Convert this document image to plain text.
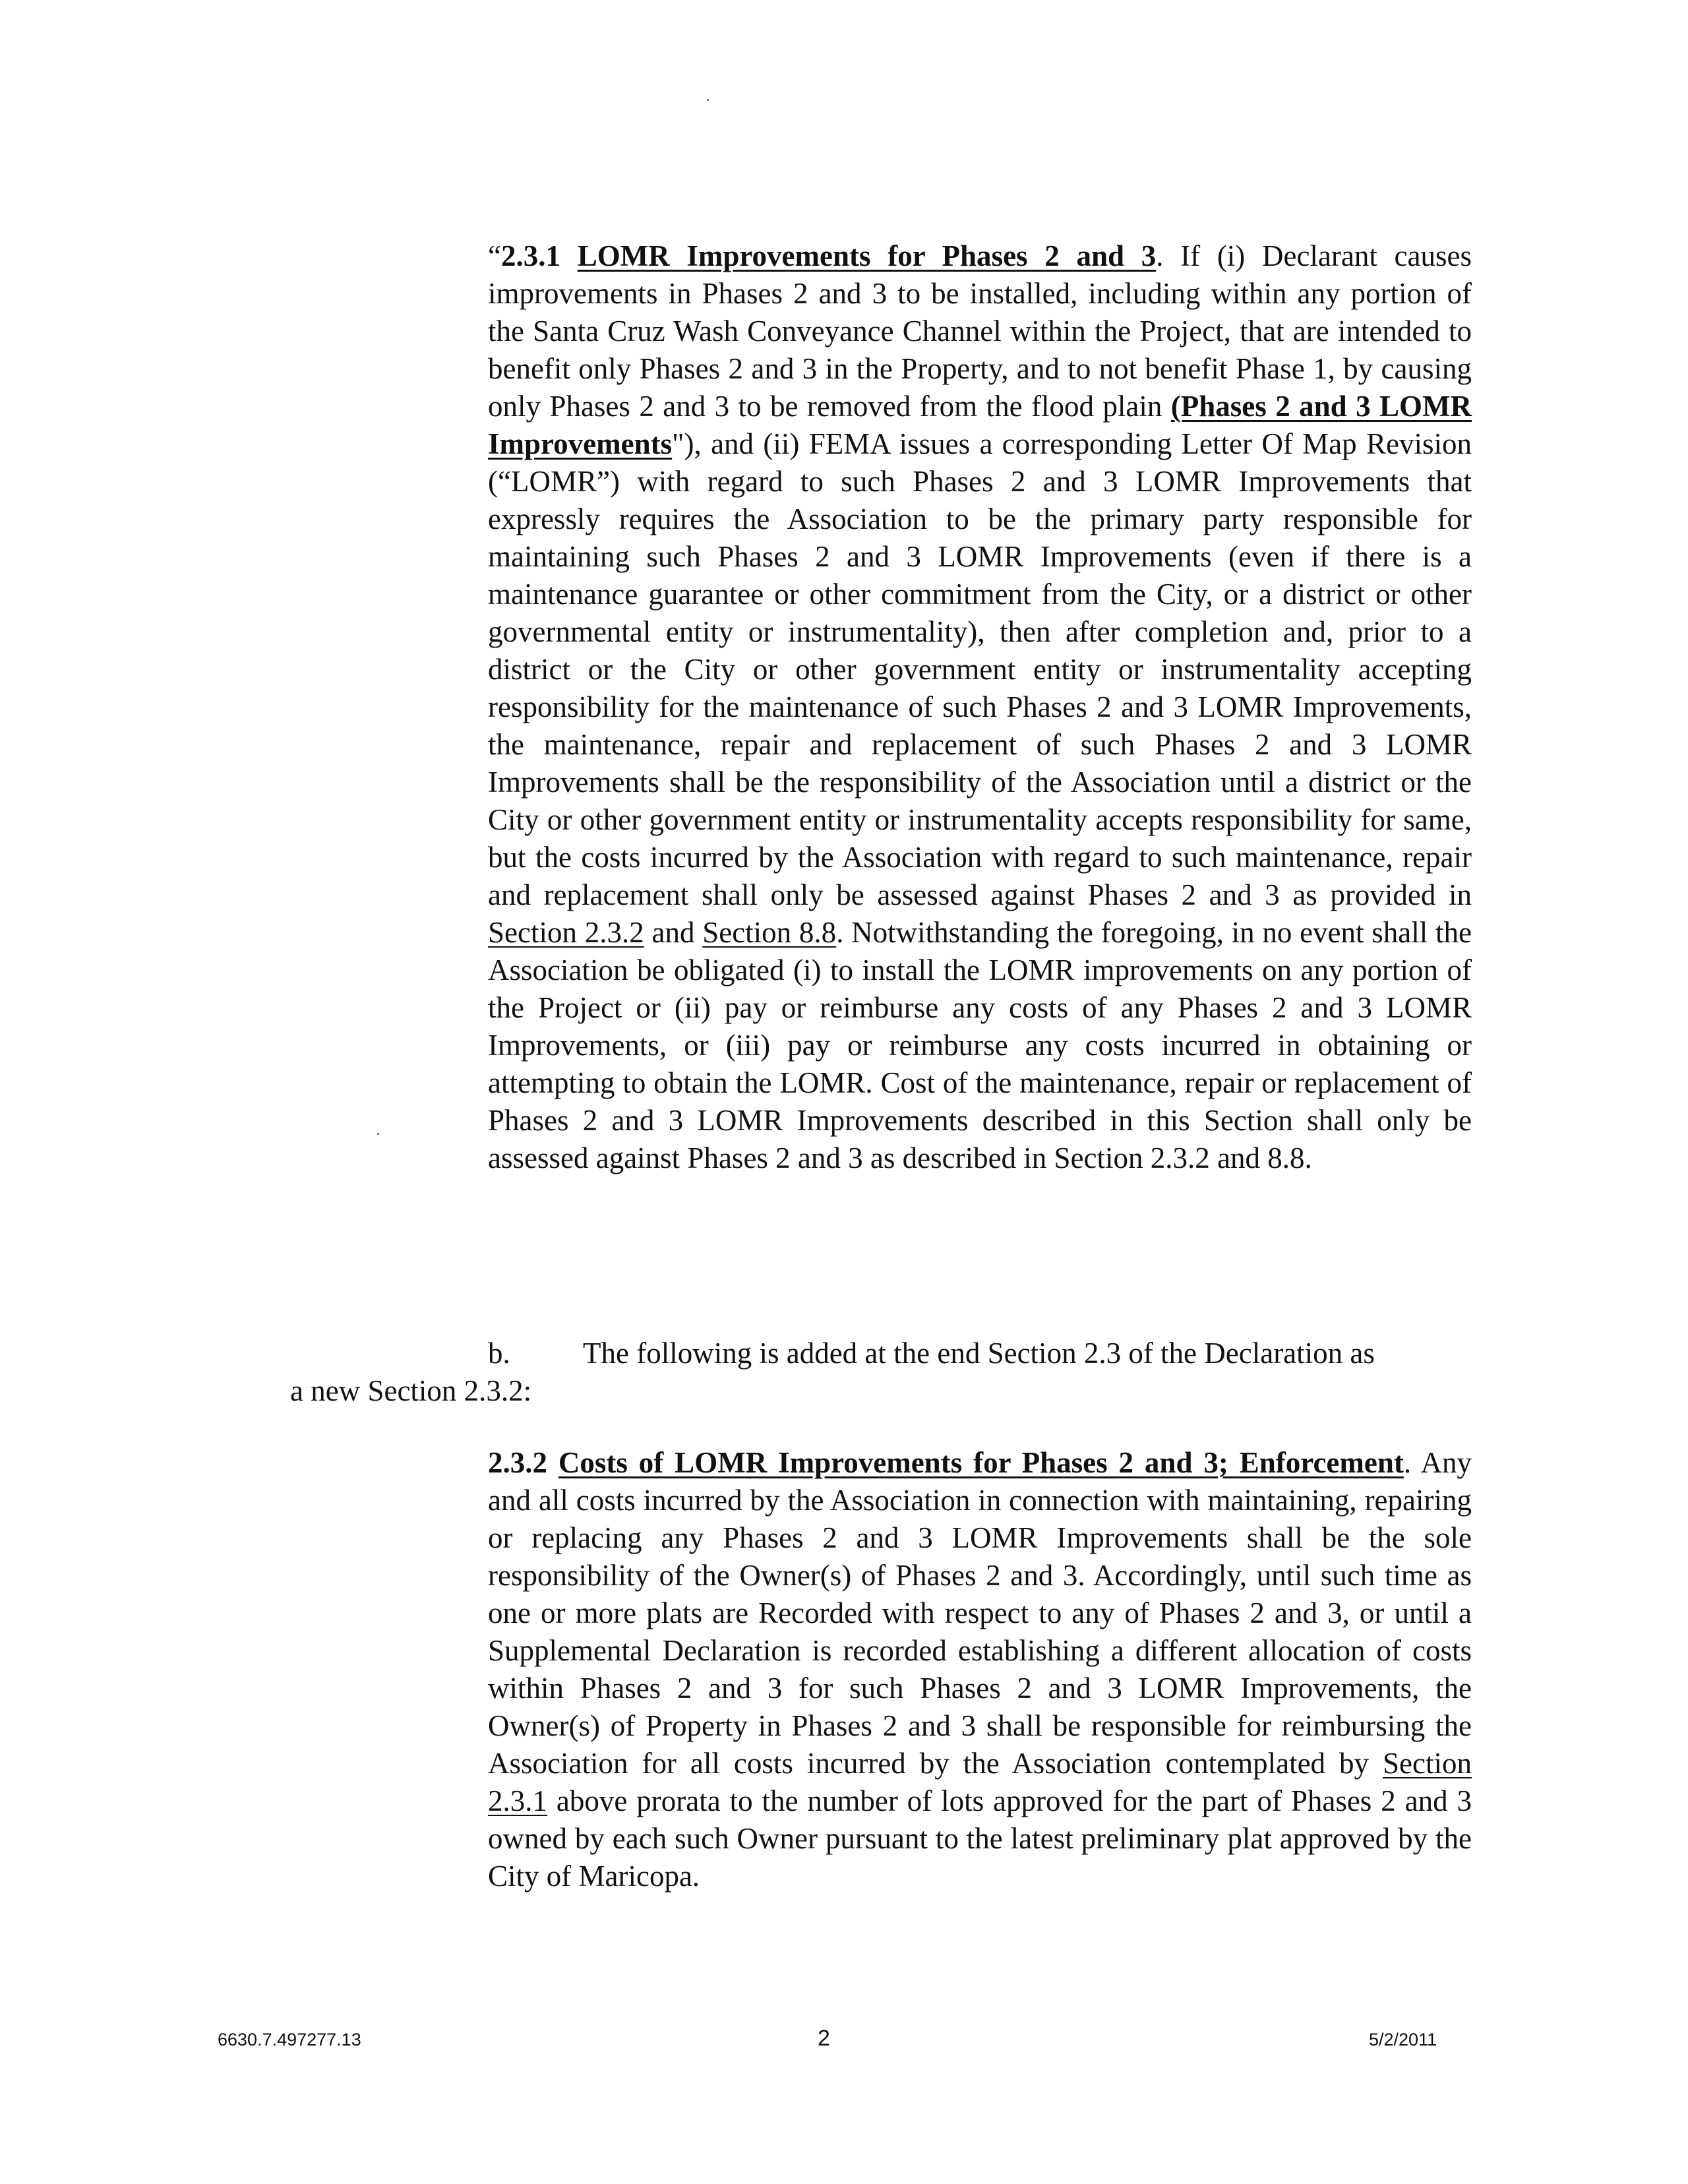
“2.3.1 LOMR Improvements for Phases 2 and 3. If (i) Declarant causes improvements in Phases 2 and 3 to be installed, including within any portion of the Santa Cruz Wash Conveyance Channel within the Project, that are intended to benefit only Phases 2 and 3 in the Property, and to not benefit Phase 1, by causing only Phases 2 and 3 to be removed from the flood plain (Phases 2 and 3 LOMR Improvements"), and (ii) FEMA issues a corresponding Letter Of Map Revision (“LOMR”) with regard to such Phases 2 and 3 LOMR Improvements that expressly requires the Association to be the primary party responsible for maintaining such Phases 2 and 3 LOMR Improvements (even if there is a maintenance guarantee or other commitment from the City, or a district or other governmental entity or instrumentality), then after completion and, prior to a district or the City or other government entity or instrumentality accepting responsibility for the maintenance of such Phases 2 and 3 LOMR Improvements, the maintenance, repair and replacement of such Phases 2 and 3 LOMR Improvements shall be the responsibility of the Association until a district or the City or other government entity or instrumentality accepts responsibility for same, but the costs incurred by the Association with regard to such maintenance, repair and replacement shall only be assessed against Phases 2 and 3 as provided in Section 2.3.2 and Section 8.8. Notwithstanding the foregoing, in no event shall the Association be obligated (i) to install the LOMR improvements on any portion of the Project or (ii) pay or reimburse any costs of any Phases 2 and 3 LOMR Improvements, or (iii) pay or reimburse any costs incurred in obtaining or attempting to obtain the LOMR. Cost of the maintenance, repair or replacement of Phases 2 and 3 LOMR Improvements described in this Section shall only be assessed against Phases 2 and 3 as described in Section 2.3.2 and 8.8.
b. The following is added at the end Section 2.3 of the Declaration as
a new Section 2.3.2:
2.3.2 Costs of LOMR Improvements for Phases 2 and 3; Enforcement. Any and all costs incurred by the Association in connection with maintaining, repairing or replacing any Phases 2 and 3 LOMR Improvements shall be the sole responsibility of the Owner(s) of Phases 2 and 3. Accordingly, until such time as one or more plats are Recorded with respect to any of Phases 2 and 3, or until a Supplemental Declaration is recorded establishing a different allocation of costs within Phases 2 and 3 for such Phases 2 and 3 LOMR Improvements, the Owner(s) of Property in Phases 2 and 3 shall be responsible for reimbursing the Association for all costs incurred by the Association contemplated by Section 2.3.1 above prorata to the number of lots approved for the part of Phases 2 and 3 owned by each such Owner pursuant to the latest preliminary plat approved by the City of Maricopa.
6630.7.497277.13	2	5/2/2011
